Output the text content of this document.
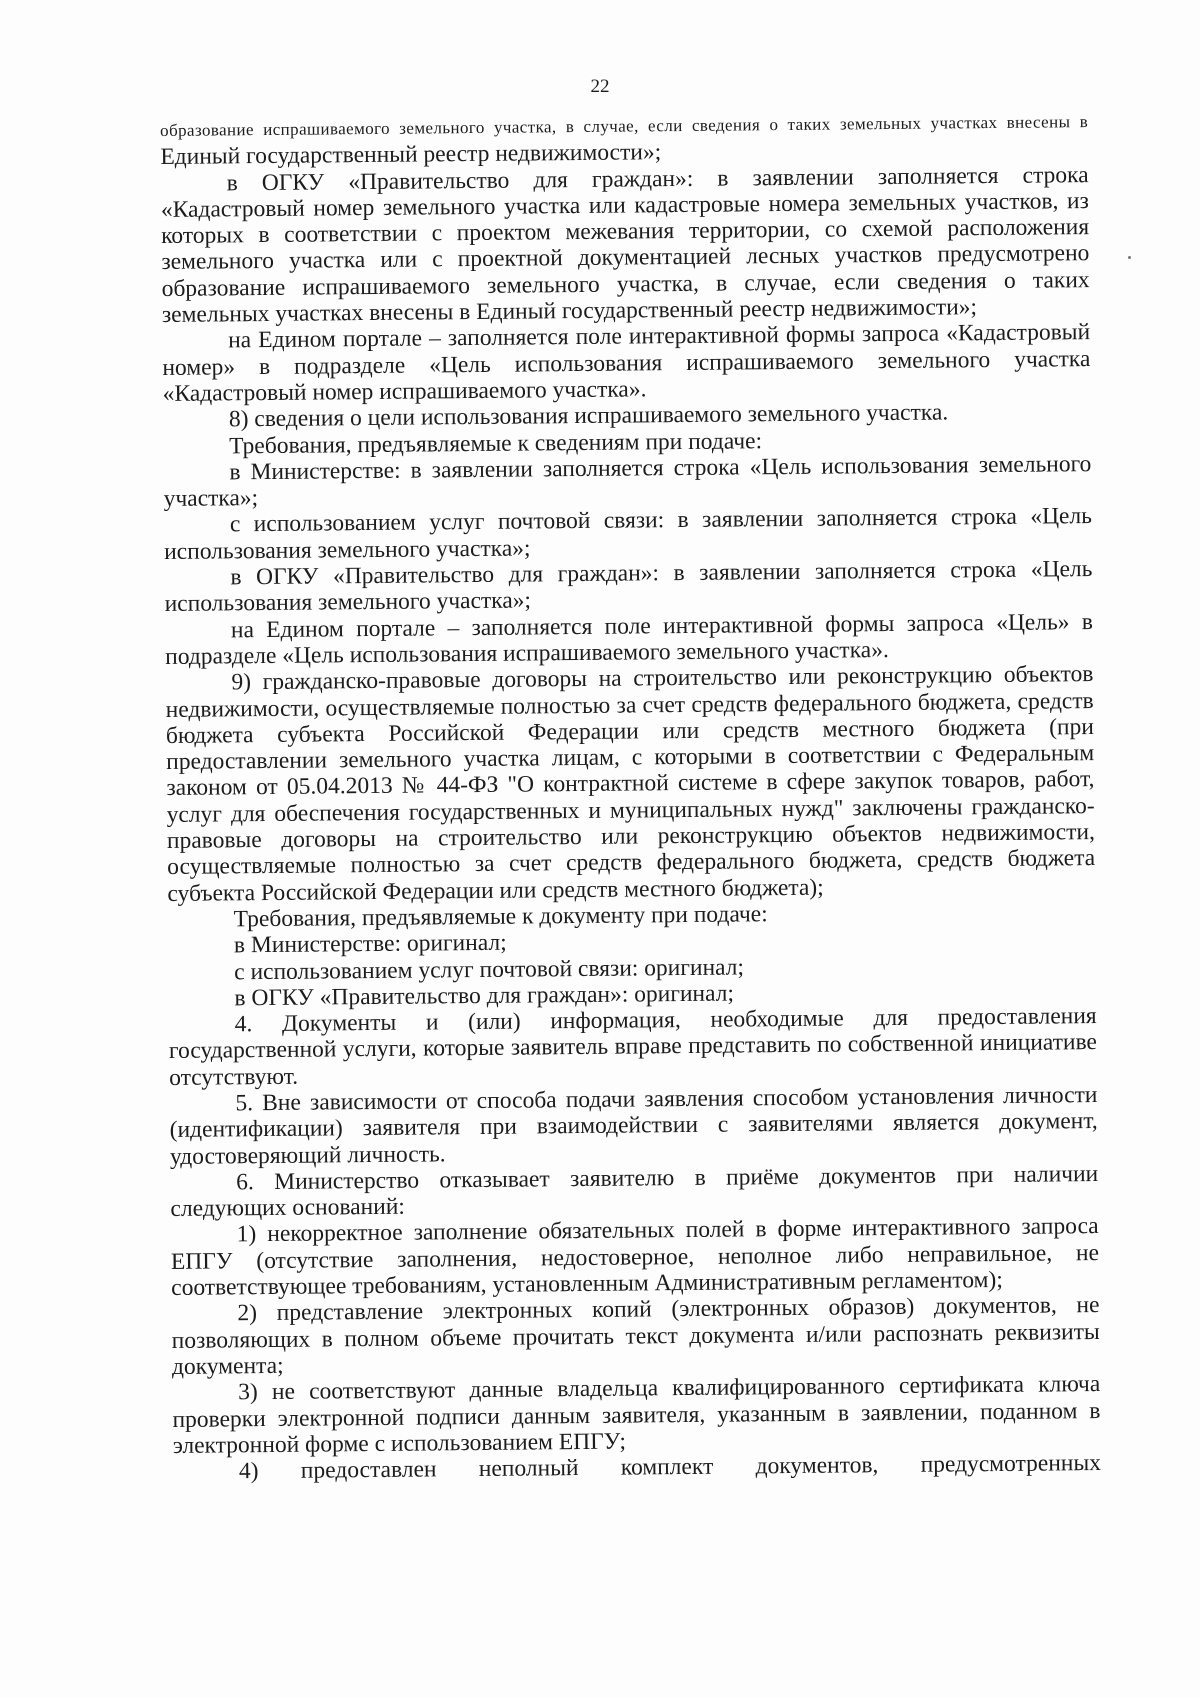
22

образование испрашиваемого земельного участка, в случае, если сведения о таких земельных участках внесены в Единый государственный реестр недвижимости»;

в ОГКУ «Правительство для граждан»: в заявлении заполняется строка «Кадастровый номер земельного участка или кадастровые номера земельных участков, из которых в соответствии с проектом межевания территории, со схемой расположения земельного участка или с проектной документацией лесных участков предусмотрено образование испрашиваемого земельного участка, в случае, если сведения о таких земельных участках внесены в Единый государственный реестр недвижимости»;

на Едином портале – заполняется поле интерактивной формы запроса «Кадастровый номер» в подразделе «Цель использования испрашиваемого земельного участка «Кадастровый номер испрашиваемого участка».

8) сведения о цели использования испрашиваемого земельного участка.

Требования, предъявляемые к сведениям при подаче:

в Министерстве: в заявлении заполняется строка «Цель использования земельного участка»;

с использованием услуг почтовой связи: в заявлении заполняется строка «Цель использования земельного участка»;

в ОГКУ «Правительство для граждан»: в заявлении заполняется строка «Цель использования земельного участка»;

на Едином портале – заполняется поле интерактивной формы запроса «Цель» в подразделе «Цель использования испрашиваемого земельного участка».

9) гражданско-правовые договоры на строительство или реконструкцию объектов недвижимости, осуществляемые полностью за счет средств федерального бюджета, средств бюджета субъекта Российской Федерации или средств местного бюджета (при предоставлении земельного участка лицам, с которыми в соответствии с Федеральным законом от 05.04.2013 № 44-ФЗ "О контрактной системе в сфере закупок товаров, работ, услуг для обеспечения государственных и муниципальных нужд" заключены гражданско-правовые договоры на строительство или реконструкцию объектов недвижимости, осуществляемые полностью за счет средств федерального бюджета, средств бюджета субъекта Российской Федерации или средств местного бюджета);

Требования, предъявляемые к документу при подаче:

в Министерстве: оригинал;

с использованием услуг почтовой связи: оригинал;

в ОГКУ «Правительство для граждан»: оригинал;

4. Документы и (или) информация, необходимые для предоставления государственной услуги, которые заявитель вправе представить по собственной инициативе отсутствуют.

5. Вне зависимости от способа подачи заявления способом установления личности (идентификации) заявителя при взаимодействии с заявителями является документ, удостоверяющий личность.

6. Министерство отказывает заявителю в приёме документов при наличии следующих оснований:

1) некорректное заполнение обязательных полей в форме интерактивного запроса ЕПГУ (отсутствие заполнения, недостоверное, неполное либо неправильное, не соответствующее требованиям, установленным Административным регламентом);

2) представление электронных копий (электронных образов) документов, не позволяющих в полном объеме прочитать текст документа и/или распознать реквизиты документа;

3) не соответствуют данные владельца квалифицированного сертификата ключа проверки электронной подписи данным заявителя, указанным в заявлении, поданном в электронной форме с использованием ЕПГУ;

4) предоставлен неполный комплект документов, предусмотренных
